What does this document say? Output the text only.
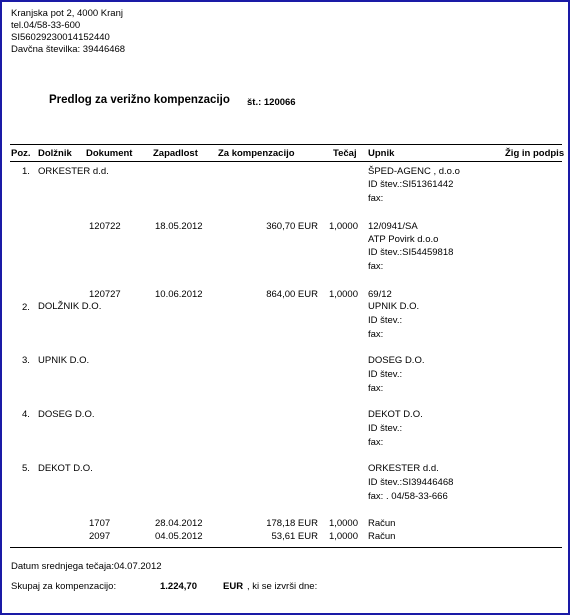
Kranjska pot 2, 4000 Kranj
tel.04/58-33-600
SI56029230014152440
Davčna številka: 39446468
Predlog za verižno kompenzacijo št.: 120066
Poz. Dolžnik Dokument Zapadlost Za kompenzacijo	Tečaj Upnik	Žig in podpis
1. ORKESTER d.d.	ŠPED-AGENC , d.o.o
ID štev.:SI51361442
fax:
120722	18.05.2012	360,70 EUR	1,0000 12/0941/SA
ATP Povirk d.o.o
ID štev.:SI54459818
fax:
120727	10.06.2012	864,00 EUR	1,0000 69/12
2. DOLŽNIK D.O.	UPNIK D.O.
ID štev.:
fax:
3. UPNIK D.O.	DOSEG D.O.
ID štev.:
fax:
4. DOSEG D.O.	DEKOT D.O.
ID štev.:
fax:
5. DEKOT D.O.	ORKESTER d.d.
ID štev.:SI39446468
fax: . 04/58-33-666
1707	28.04.2012	178,18 EUR	1,0000 Račun
2097	04.05.2012	53,61 EUR	1,0000 Račun
Datum srednjega tečaja:04.07.2012
Skupaj za kompenzacijo:	1.224,70	EUR , ki se izvrši dne:
